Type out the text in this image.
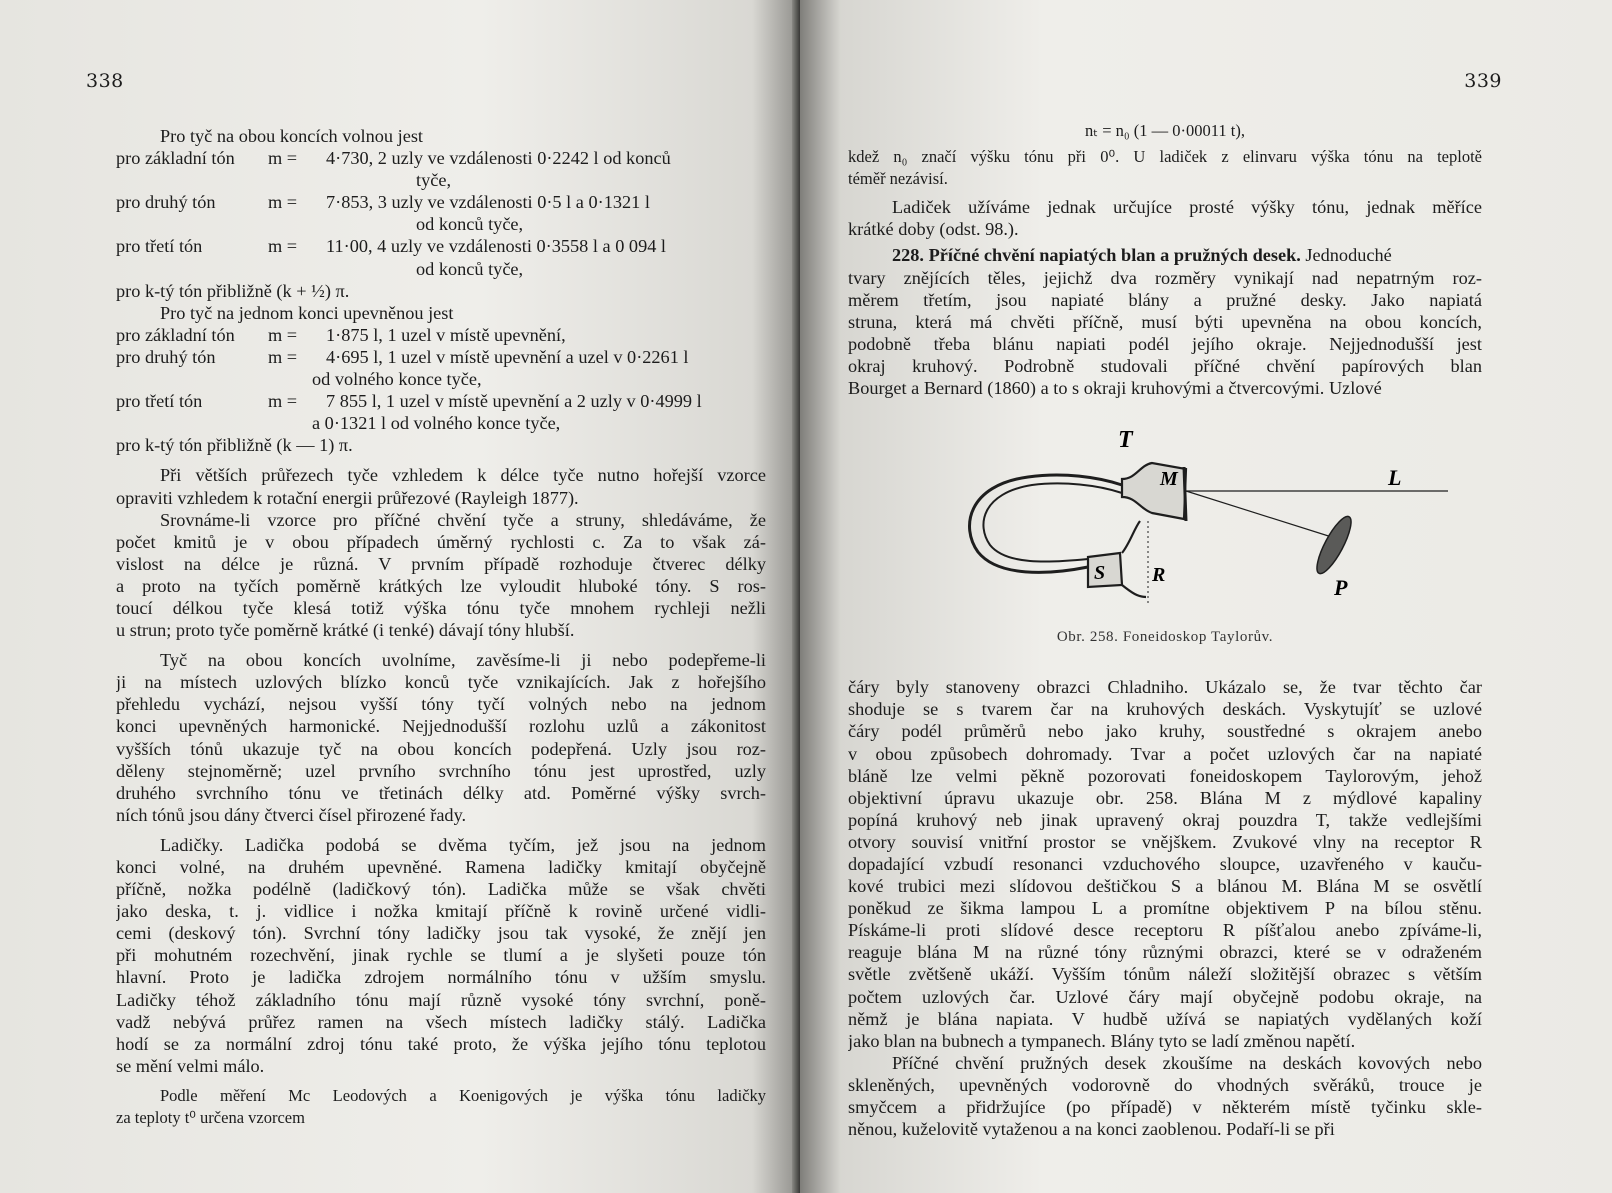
338
Pro tyč na obou koncích volnou jest
pro základní tón	m =	4·730, 2 uzly ve vzdálenosti 0·2242 l od konců
tyče,
pro druhý tón	m =	7·853, 3 uzly ve vzdálenosti 0·5 l a 0·1321 l
od konců tyče,
pro třetí tón	m =	11·00, 4 uzly ve vzdálenosti 0·3558 l a 0 094 l
od konců tyče,
pro k-tý tón přibližně (k + ½) π.
Pro tyč na jednom konci upevněnou jest
pro základní tón	m =	1·875 l, 1 uzel v místě upevnění,
pro druhý tón	m =	4·695 l, 1 uzel v místě upevnění a uzel v 0·2261 l
od volného konce tyče,
pro třetí tón	m =	7 855 l, 1 uzel v místě upevnění a 2 uzly v 0·4999 l
a 0·1321 l od volného konce tyče,
pro k-tý tón přibližně (k — 1) π.
Při větších průřezech tyče vzhledem k délce tyče nutno hořejší vzorce
opraviti vzhledem k rotační energii průřezové (Rayleigh 1877).
Srovnáme-li vzorce pro příčné chvění tyče a struny, shledáváme, že
počet kmitů je v obou případech úměrný rychlosti c. Za to však zá-
vislost na délce je různá. V prvním případě rozhoduje čtverec délky
a proto na tyčích poměrně krátkých lze vyloudit hluboké tóny. S ros-
toucí délkou tyče klesá totiž výška tónu tyče mnohem rychleji nežli
u strun; proto tyče poměrně krátké (i tenké) dávají tóny hlubší.
Tyč na obou koncích uvolníme, zavěsíme-li ji nebo podepřeme-li
ji na místech uzlových blízko konců tyče vznikajících. Jak z hořejšího
přehledu vychází, nejsou vyšší tóny tyčí volných nebo na jednom
konci upevněných harmonické. Nejjednodušší rozlohu uzlů a zákonitost
vyšších tónů ukazuje tyč na obou koncích podepřená. Uzly jsou roz-
děleny stejnoměrně; uzel prvního svrchního tónu jest uprostřed, uzly
druhého svrchního tónu ve třetinách délky atd. Poměrné výšky svrch-
ních tónů jsou dány čtverci čísel přirozené řady.
Ladičky. Ladička podobá se dvěma tyčím, jež jsou na jednom
konci volné, na druhém upevněné. Ramena ladičky kmitají obyčejně
příčně, nožka podélně (ladičkový tón). Ladička může se však chvěti
jako deska, t. j. vidlice i nožka kmitají příčně k rovině určené vidli-
cemi (deskový tón). Svrchní tóny ladičky jsou tak vysoké, že znějí jen
při mohutném rozechvění, jinak rychle se tlumí a je slyšeti pouze tón
hlavní. Proto je ladička zdrojem normálního tónu v užším smyslu.
Ladičky téhož základního tónu mají různě vysoké tóny svrchní, poně-
vadž nebývá průřez ramen na všech místech ladičky stálý. Ladička
hodí se za normální zdroj tónu také proto, že výška jejího tónu teplotou
se mění velmi málo.
Podle měření Mc Leodových a Koenigových je výška tónu ladičky
za teploty t⁰ určena vzorcem
339
nₜ = n₀ (1 — 0·00011 t),
kdež n₀ značí výšku tónu při 0⁰. U ladiček z elinvaru výška tónu na teplotě
téměř nezávisí.
Ladiček užíváme jednak určujíce prosté výšky tónu, jednak měříce
krátké doby (odst. 98.).
228. Příčné chvění napiatých blan a pružných desek. Jednoduché
tvary znějících těles, jejichž dva rozměry vynikají nad nepatrným roz-
měrem třetím, jsou napiaté blány a pružné desky. Jako napiatá
struna, která má chvěti příčně, musí býti upevněna na obou koncích,
podobně třeba blánu napiati podél jejího okraje. Nejjednodušší jest
okraj kruhový. Podrobně studovali příčné chvění papírových blan
Bourget a Bernard (1860) a to s okraji kruhovými a čtvercovými. Uzlové
T
M	L
S R	P
Obr. 258. Foneidoskop Taylorův.
čáry byly stanoveny obrazci Chladniho. Ukázalo se, že tvar těchto čar
shoduje se s tvarem čar na kruhových deskách. Vyskytujíť se uzlové
čáry podél průměrů nebo jako kruhy, soustředné s okrajem anebo
v obou způsobech dohromady. Tvar a počet uzlových čar na napiaté
bláně lze velmi pěkně pozorovati foneidoskopem Taylorovým, jehož
objektivní úpravu ukazuje obr. 258. Blána M z mýdlové kapaliny
popíná kruhový neb jinak upravený okraj pouzdra T, takže vedlejšími
otvory souvisí vnitřní prostor se vnějškem. Zvukové vlny na receptor R
dopadající vzbudí resonanci vzduchového sloupce, uzavřeného v kauču-
kové trubici mezi slídovou deštičkou S a blánou M. Blána M se osvětlí
poněkud ze šikma lampou L a promítne objektivem P na bílou stěnu.
Pískáme-li proti slídové desce receptoru R píšťalou anebo zpíváme-li,
reaguje blána M na různé tóny různými obrazci, které se v odraženém
světle zvětšeně ukáží. Vyšším tónům náleží složitější obrazec s větším
počtem uzlových čar. Uzlové čáry mají obyčejně podobu okraje, na
němž je blána napiata. V hudbě užívá se napiatých vydělaných koží
jako blan na bubnech a tympanech. Blány tyto se ladí změnou napětí.
Příčné chvění pružných desek zkoušíme na deskách kovových nebo
skleněných, upevněných vodorovně do vhodných svěráků, trouce je
smyčcem a přidržujíce (po případě) v některém místě tyčinku skle-
něnou, kuželovitě vytaženou a na konci zaoblenou. Podaří-li se při
